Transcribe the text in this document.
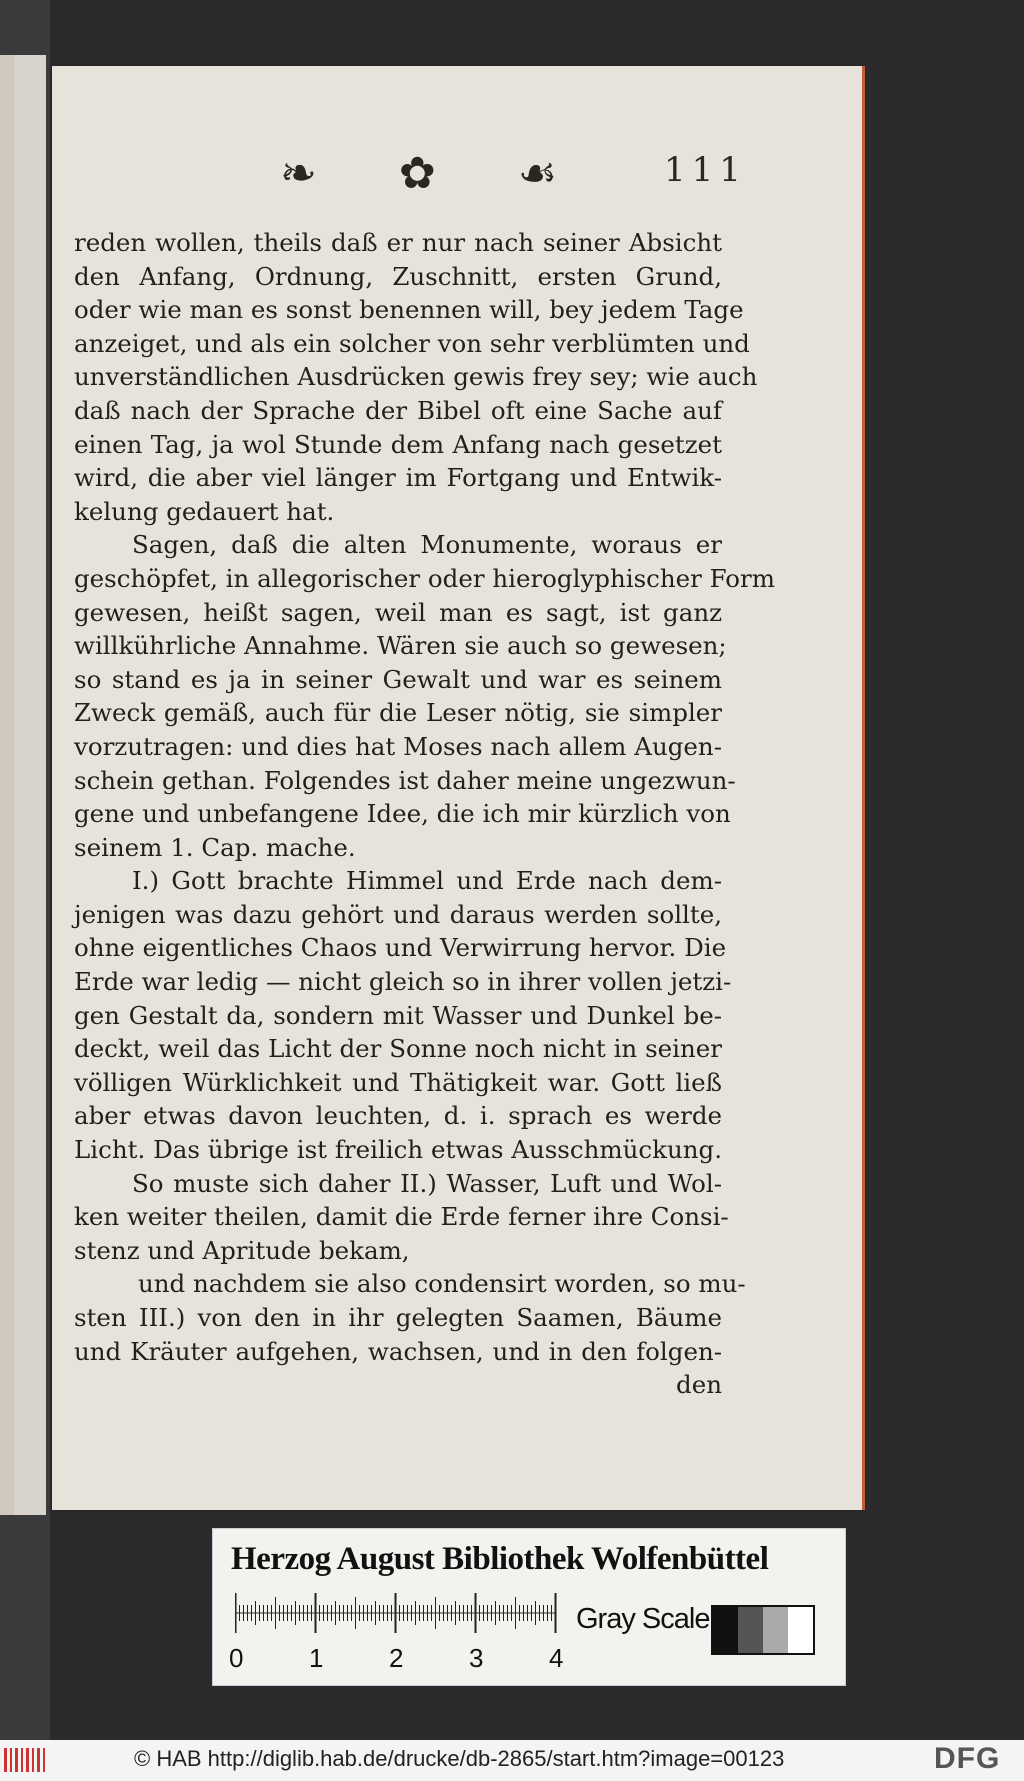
❧ ✿ ☙ 111
reden wollen, theils daß er nur nach seiner Absicht
den Anfang, Ordnung, Zuschnitt, ersten Grund,
oder wie man es sonst benennen will, bey jedem Tage
anzeiget, und als ein solcher von sehr verblümten und
unverständlichen Ausdrücken gewis frey sey; wie auch
daß nach der Sprache der Bibel oft eine Sache auf
einen Tag, ja wol Stunde dem Anfang nach gesetzet
wird, die aber viel länger im Fortgang und Entwik-
kelung gedauert hat.
Sagen, daß die alten Monumente, woraus er
geschöpfet, in allegorischer oder hieroglyphischer Form
gewesen, heißt sagen, weil man es sagt, ist ganz
willkührliche Annahme. Wären sie auch so gewesen;
so stand es ja in seiner Gewalt und war es seinem
Zweck gemäß, auch für die Leser nötig, sie simpler
vorzutragen: und dies hat Moses nach allem Augen-
schein gethan. Folgendes ist daher meine ungezwun-
gene und unbefangene Idee, die ich mir kürzlich von
seinem 1. Cap. mache.
I.) Gott brachte Himmel und Erde nach dem-
jenigen was dazu gehört und daraus werden sollte,
ohne eigentliches Chaos und Verwirrung hervor. Die
Erde war ledig — nicht gleich so in ihrer vollen jetzi-
gen Gestalt da, sondern mit Wasser und Dunkel be-
deckt, weil das Licht der Sonne noch nicht in seiner
völligen Würklichkeit und Thätigkeit war. Gott ließ
aber etwas davon leuchten, d. i. sprach es werde
Licht. Das übrige ist freilich etwas Ausschmückung.
So muste sich daher II.) Wasser, Luft und Wol-
ken weiter theilen, damit die Erde ferner ihre Consi-
stenz und Apritude bekam,
und nachdem sie also condensirt worden, so mu-
sten III.) von den in ihr gelegten Saamen, Bäume
und Kräuter aufgehen, wachsen, und in den folgen-
den
Herzog August Bibliothek Wolfenbüttel
0	1	2	3	4
Gray Scale
© HAB http://diglib.hab.de/drucke/db-2865/start.htm?image=00123	DFG
